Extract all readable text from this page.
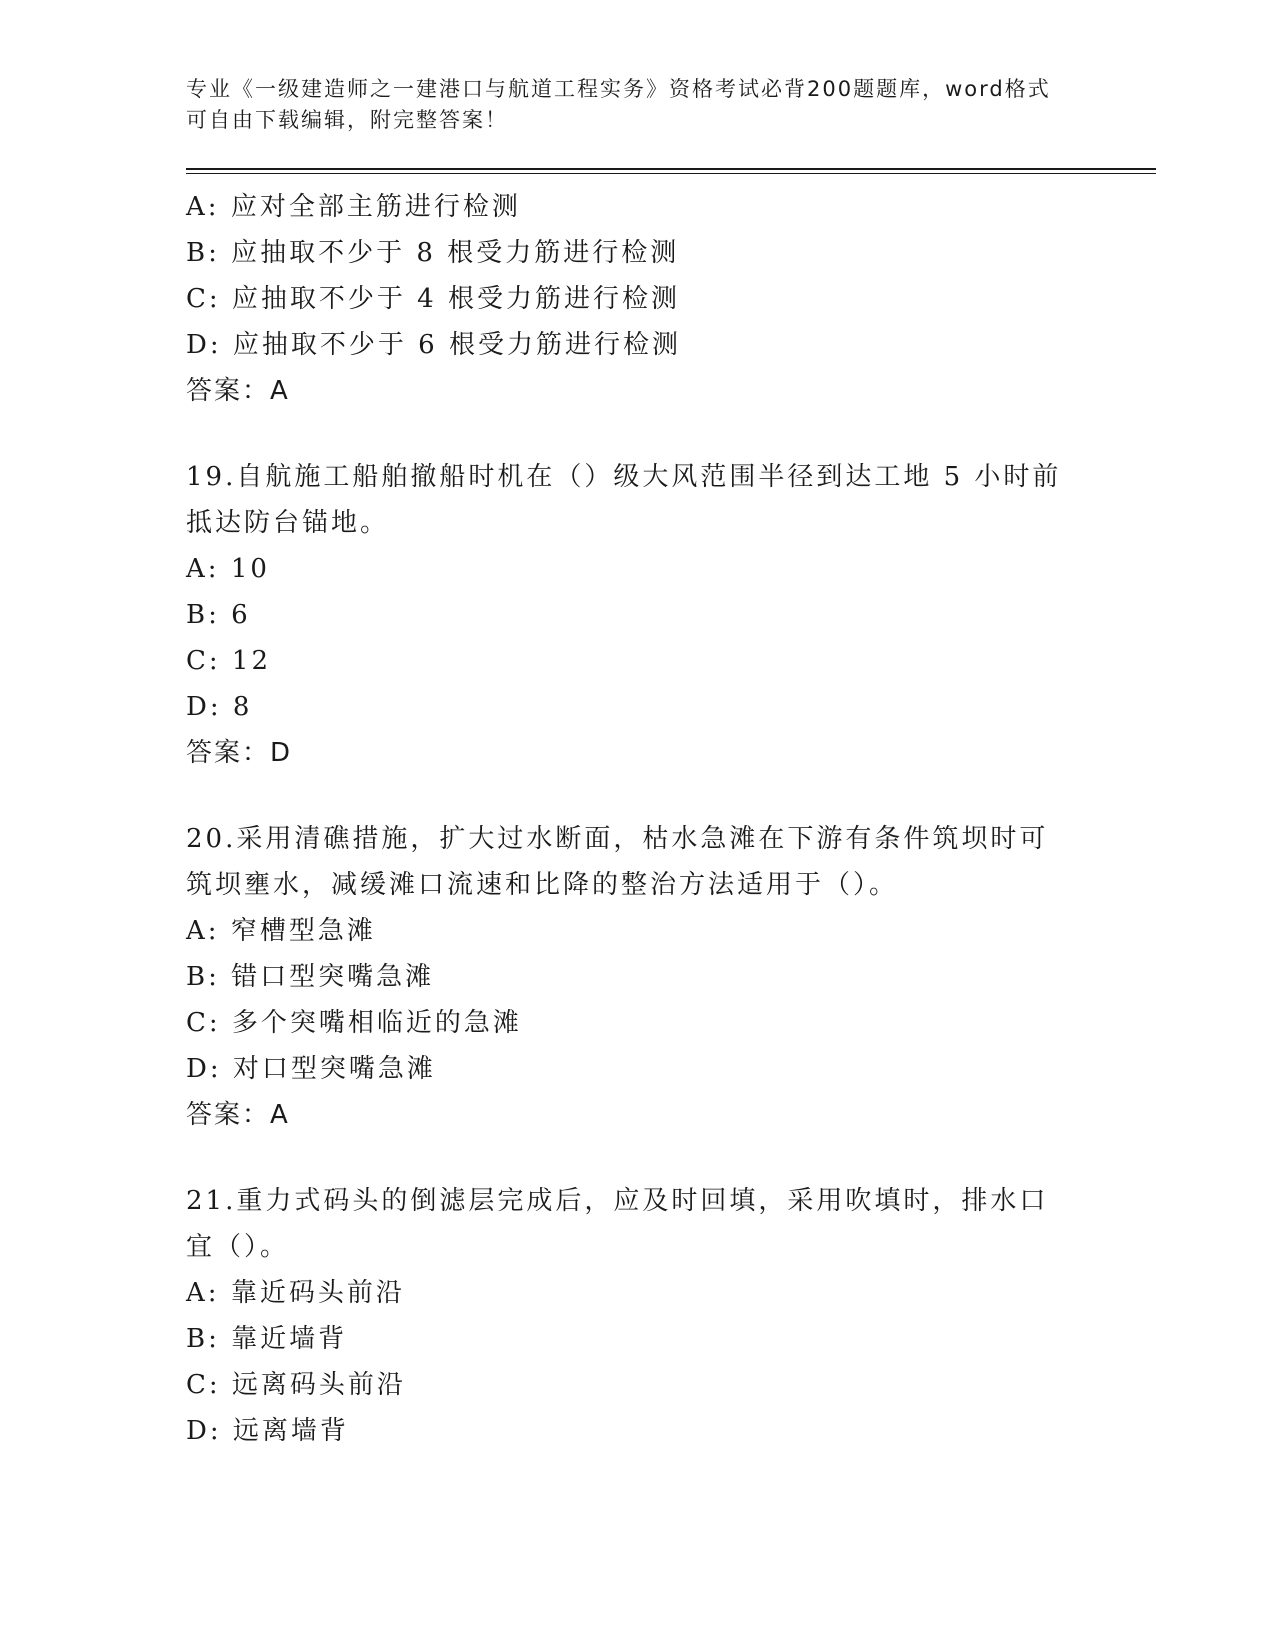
专业《一级建造师之一建港口与航道工程实务》资格考试必背200题题库，word格式可自由下载编辑，附完整答案！
A: 应对全部主筋进行检测
B: 应抽取不少于 8 根受力筋进行检测
C: 应抽取不少于 4 根受力筋进行检测
D: 应抽取不少于 6 根受力筋进行检测
答案：A
19.自航施工船舶撤船时机在（）级大风范围半径到达工地 5 小时前抵达防台锚地。
A: 10
B: 6
C: 12
D: 8
答案：D
20.采用清礁措施，扩大过水断面，枯水急滩在下游有条件筑坝时可筑坝壅水，减缓滩口流速和比降的整治方法适用于（）。
A: 窄槽型急滩
B: 错口型突嘴急滩
C: 多个突嘴相临近的急滩
D: 对口型突嘴急滩
答案：A
21.重力式码头的倒滤层完成后，应及时回填，采用吹填时，排水口宜（）。
A: 靠近码头前沿
B: 靠近墙背
C: 远离码头前沿
D: 远离墙背
